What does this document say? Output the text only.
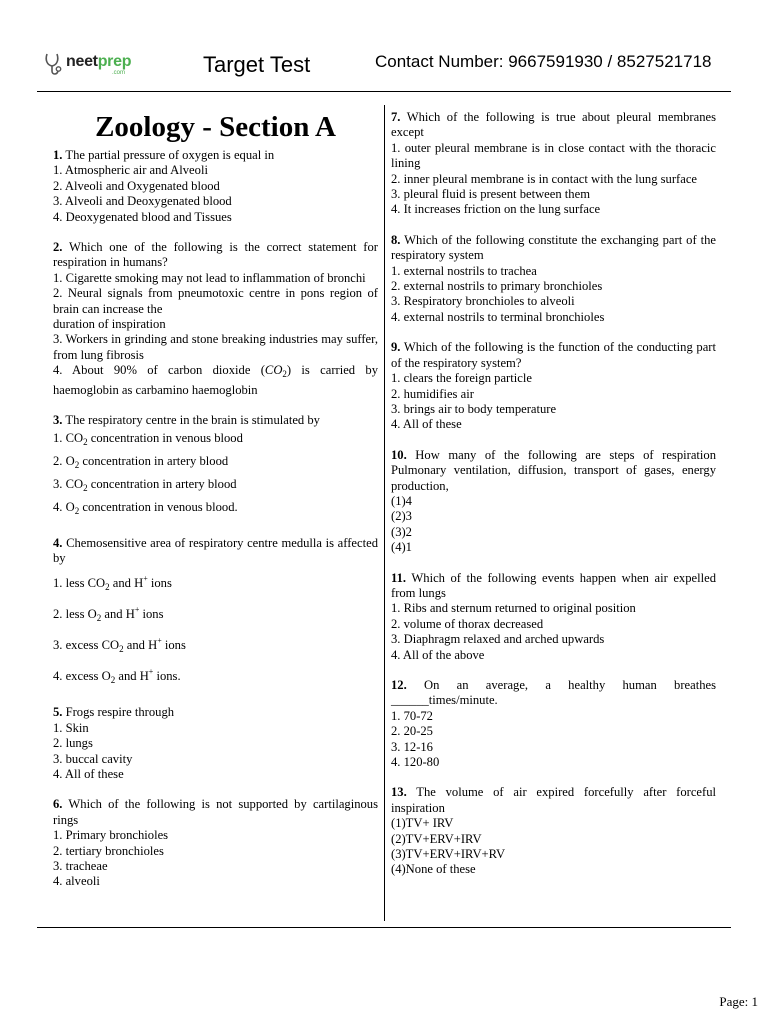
neetprep
.com	Target Test	Contact Number: 9667591930 / 8527521718
Zoology - Section A
1. The partial pressure of oxygen is equal in
1. Atmospheric air and Alveoli
2. Alveoli and Oxygenated blood
3. Alveoli and Deoxygenated blood
4. Deoxygenated blood and Tissues
2. Which one of the following is the correct statement for respiration in humans?
1. Cigarette smoking may not lead to inflammation of bronchi
2. Neural signals from pneumotoxic centre in pons region of brain can increase the
duration of inspiration
3. Workers in grinding and stone breaking industries may suffer, from lung fibrosis
4. About 90% of carbon dioxide $(CO_2)$ is carried by haemoglobin as carbamino haemoglobin
3. The respiratory centre in the brain is stimulated by
1. $CO_2$ concentration in venous blood
2. $O_2$ concentration in artery blood
3. $CO_2$ concentration in artery blood
4. $O_2$ concentration in venous blood.
4. Chemosensitive area of respiratory centre medulla is affected by
1. less $CO_2$ and H+ ions
2. less $O_2$ and H+ ions
3. excess $CO_2$ and H+ ions
4. excess $O_2$ and H+ ions.
5. Frogs respire through
1. Skin
2. lungs
3. buccal cavity
4. All of these
6. Which of the following is not supported by cartilaginous rings
1. Primary bronchioles
2. tertiary bronchioles
3. tracheae
4. alveoli
7. Which of the following is true about pleural membranes except
1. outer pleural membrane is in close contact with the thoracic lining
2. inner pleural membrane is in contact with the lung surface
3. pleural fluid is present between them
4. It increases friction on the lung surface
8. Which of the following constitute the exchanging part of the respiratory system
1. external nostrils to trachea
2. external nostrils to primary bronchioles
3. Respiratory bronchioles to alveoli
4. external nostrils to terminal bronchioles
9. Which of the following is the function of the conducting part of the respiratory system?
1. clears the foreign particle
2. humidifies air
3. brings air to body temperature
4. All of these
10. How many of the following are steps of respiration Pulmonary ventilation, diffusion, transport of gases, energy production,
(1)4
(2)3
(3)2
(4)1
11. Which of the following events happen when air expelled from lungs
1. Ribs and sternum returned to original position
2. volume of thorax decreased
3. Diaphragm relaxed and arched upwards
4. All of the above
12. On an average, a healthy human breathes ______times/minute.
1. 70-72
2. 20-25
3. 12-16
4. 120-80
13. The volume of air expired forcefully after forceful inspiration
(1)TV+ IRV
(2)TV+ERV+IRV
(3)TV+ERV+IRV+RV
(4)None of these
Page: 1
